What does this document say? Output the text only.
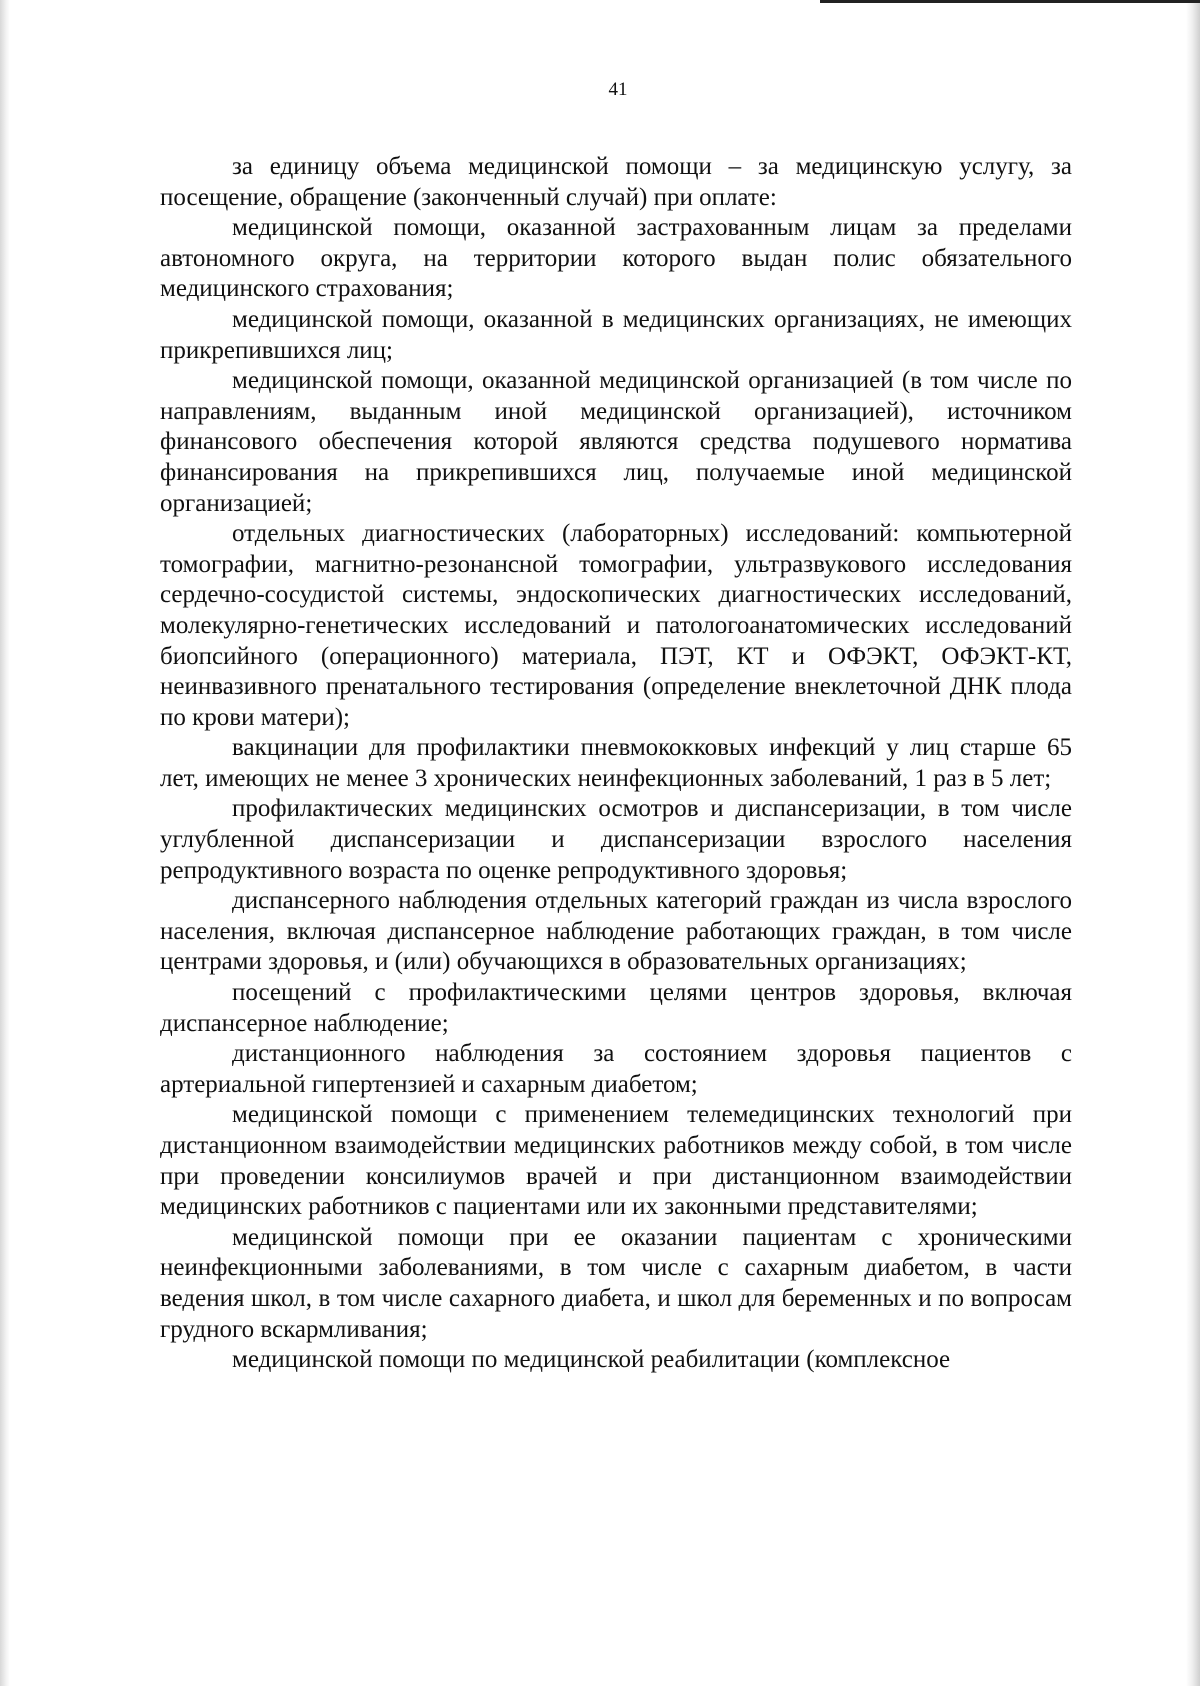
41

за единицу объема медицинской помощи – за медицинскую услугу, за посещение, обращение (законченный случай) при оплате:

медицинской помощи, оказанной застрахованным лицам за пределами автономного округа, на территории которого выдан полис обязательного медицинского страхования;

медицинской помощи, оказанной в медицинских организациях, не имеющих прикрепившихся лиц;

медицинской помощи, оказанной медицинской организацией (в том числе по направлениям, выданным иной медицинской организацией), источником финансового обеспечения которой являются средства подушевого норматива финансирования на прикрепившихся лиц, получаемые иной медицинской организацией;

отдельных диагностических (лабораторных) исследований: компьютерной томографии, магнитно-резонансной томографии, ультразвукового исследования сердечно-сосудистой системы, эндоскопических диагностических исследований, молекулярно-генетических исследований и патологоанатомических исследований биопсийного (операционного) материала, ПЭТ, КТ и ОФЭКТ, ОФЭКТ-КТ, неинвазивного пренатального тестирования (определение внеклеточной ДНК плода по крови матери);

вакцинации для профилактики пневмококковых инфекций у лиц старше 65 лет, имеющих не менее 3 хронических неинфекционных заболеваний, 1 раз в 5 лет;

профилактических медицинских осмотров и диспансеризации, в том числе углубленной диспансеризации и диспансеризации взрослого населения репродуктивного возраста по оценке репродуктивного здоровья;

диспансерного наблюдения отдельных категорий граждан из числа взрослого населения, включая диспансерное наблюдение работающих граждан, в том числе центрами здоровья, и (или) обучающихся в образовательных организациях;

посещений с профилактическими целями центров здоровья, включая диспансерное наблюдение;

дистанционного наблюдения за состоянием здоровья пациентов с артериальной гипертензией и сахарным диабетом;

медицинской помощи с применением телемедицинских технологий при дистанционном взаимодействии медицинских работников между собой, в том числе при проведении консилиумов врачей и при дистанционном взаимодействии медицинских работников с пациентами или их законными представителями;

медицинской помощи при ее оказании пациентам с хроническими неинфекционными заболеваниями, в том числе с сахарным диабетом, в части ведения школ, в том числе сахарного диабета, и школ для беременных и по вопросам грудного вскармливания;

медицинской помощи по медицинской реабилитации (комплексное
